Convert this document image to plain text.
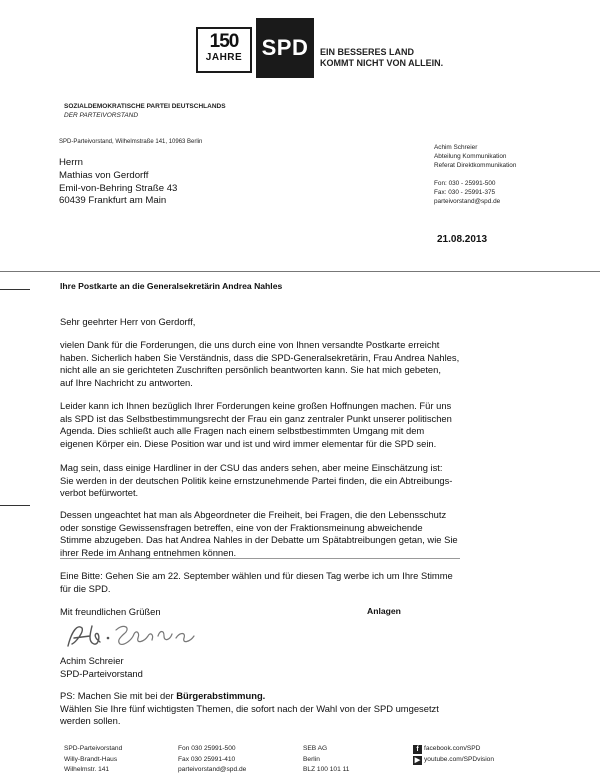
150
JAHRE SPD	EIN BESSERES LAND
KOMMT NICHT VON ALLEIN.
SOZIALDEMOKRATISCHE PARTEI DEUTSCHLANDS
DER PARTEIVORSTAND
SPD-Parteivorstand, Wilhelmstraße 141, 10963 Berlin
Herrn
Mathias von Gerdorff
Emil-von-Behring Straße 43
60439 Frankfurt am Main
Achim Schreier
Abteilung Kommunikation
Referat Direktkommunikation
Fon: 030 - 25991-500
Fax: 030 - 25991-375
parteivorstand@spd.de
21.08.2013
Ihre Postkarte an die Generalsekretärin Andrea Nahles
Sehr geehrter Herr von Gerdorff,
vielen Dank für die Forderungen, die uns durch eine von Ihnen versandte Postkarte erreicht
haben. Sicherlich haben Sie Verständnis, dass die SPD-Generalsekretärin, Frau Andrea Nahles,
nicht alle an sie gerichteten Zuschriften persönlich beantworten kann. Sie hat mich gebeten,
auf Ihre Nachricht zu antworten.
Leider kann ich Ihnen bezüglich Ihrer Forderungen keine großen Hoffnungen machen. Für uns
als SPD ist das Selbstbestimmungsrecht der Frau ein ganz zentraler Punkt unserer politischen
Agenda. Dies schließt auch alle Fragen nach einem selbstbestimmten Umgang mit dem
eigenen Körper ein. Diese Position war und ist und wird immer elementar für die SPD sein.
Mag sein, dass einige Hardliner in der CSU das anders sehen, aber meine Einschätzung ist:
Sie werden in der deutschen Politik keine ernstzunehmende Partei finden, die ein Abtreibungs-
verbot befürwortet.
Dessen ungeachtet hat man als Abgeordneter die Freiheit, bei Fragen, die den Lebensschutz
oder sonstige Gewissensfragen betreffen, eine von der Fraktionsmeinung abweichende
Stimme abzugeben. Das hat Andrea Nahles in der Debatte um Spätabtreibungen getan, wie Sie
ihrer Rede im Anhang entnehmen können.
Eine Bitte: Gehen Sie am 22. September wählen und für diesen Tag werbe ich um Ihre Stimme
für die SPD.
Mit freundlichen Grüßen	Anlagen
Achim Schreier
SPD-Parteivorstand
PS: Machen Sie mit bei der Bürgerabstimmung.
Wählen Sie Ihre fünf wichtigsten Themen, die sofort nach der Wahl von der SPD umgesetzt
werden sollen.
SPD-Parteivorstand
Willy-Brandt-Haus
Wilhelmstr. 141
Fon 030 25991-500
Fax 030 25991-410
parteivorstand@spd.de
SEB AG
Berlin
BLZ 100 101 11
f facebook.com/SPD
▶ youtube.com/SPDvision
